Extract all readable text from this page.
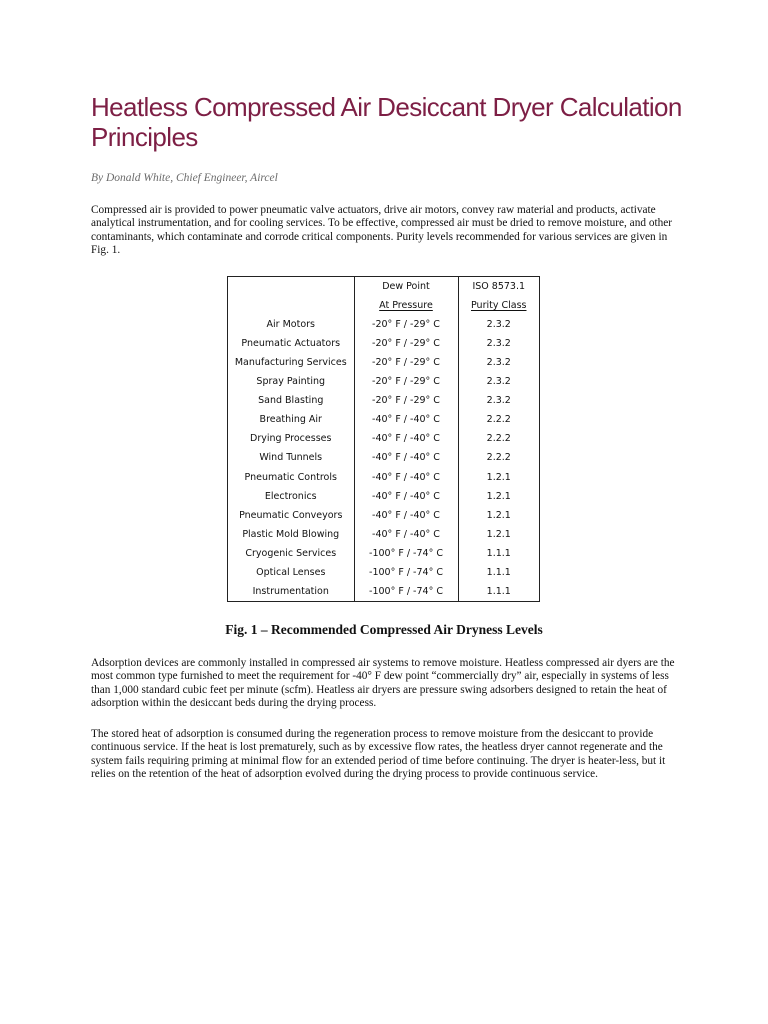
Heatless Compressed Air Desiccant Dryer Calculation Principles

By Donald White, Chief Engineer, Aircel

Compressed air is provided to power pneumatic valve actuators, drive air motors, convey raw material and products, activate analytical instrumentation, and for cooling services. To be effective, compressed air must be dried to remove moisture, and other contaminants, which contaminate and corrode critical components. Purity levels recommended for various services are given in Fig. 1.

	Dew Point	ISO 8573.1
	At Pressure	Purity Class
Air Motors	-20° F / -29° C	2.3.2
Pneumatic Actuators	-20° F / -29° C	2.3.2
Manufacturing Services	-20° F / -29° C	2.3.2
Spray Painting	-20° F / -29° C	2.3.2
Sand Blasting	-20° F / -29° C	2.3.2
Breathing Air	-40° F / -40° C	2.2.2
Drying Processes	-40° F / -40° C	2.2.2
Wind Tunnels	-40° F / -40° C	2.2.2
Pneumatic Controls	-40° F / -40° C	1.2.1
Electronics	-40° F / -40° C	1.2.1
Pneumatic Conveyors	-40° F / -40° C	1.2.1
Plastic Mold Blowing	-40° F / -40° C	1.2.1
Cryogenic Services	-100° F / -74° C	1.1.1
Optical Lenses	-100° F / -74° C	1.1.1
Instrumentation	-100° F / -74° C	1.1.1

Fig. 1 – Recommended Compressed Air Dryness Levels

Adsorption devices are commonly installed in compressed air systems to remove moisture. Heatless compressed air dyers are the most common type furnished to meet the requirement for -40° F dew point “commercially dry” air, especially in systems of less than 1,000 standard cubic feet per minute (scfm). Heatless air dryers are pressure swing adsorbers designed to retain the heat of adsorption within the desiccant beds during the drying process.

The stored heat of adsorption is consumed during the regeneration process to remove moisture from the desiccant to provide continuous service. If the heat is lost prematurely, such as by excessive flow rates, the heatless dryer cannot regenerate and the system fails requiring priming at minimal flow for an extended period of time before continuing. The dryer is heater-less, but it relies on the retention of the heat of adsorption evolved during the drying process to provide continuous service.
